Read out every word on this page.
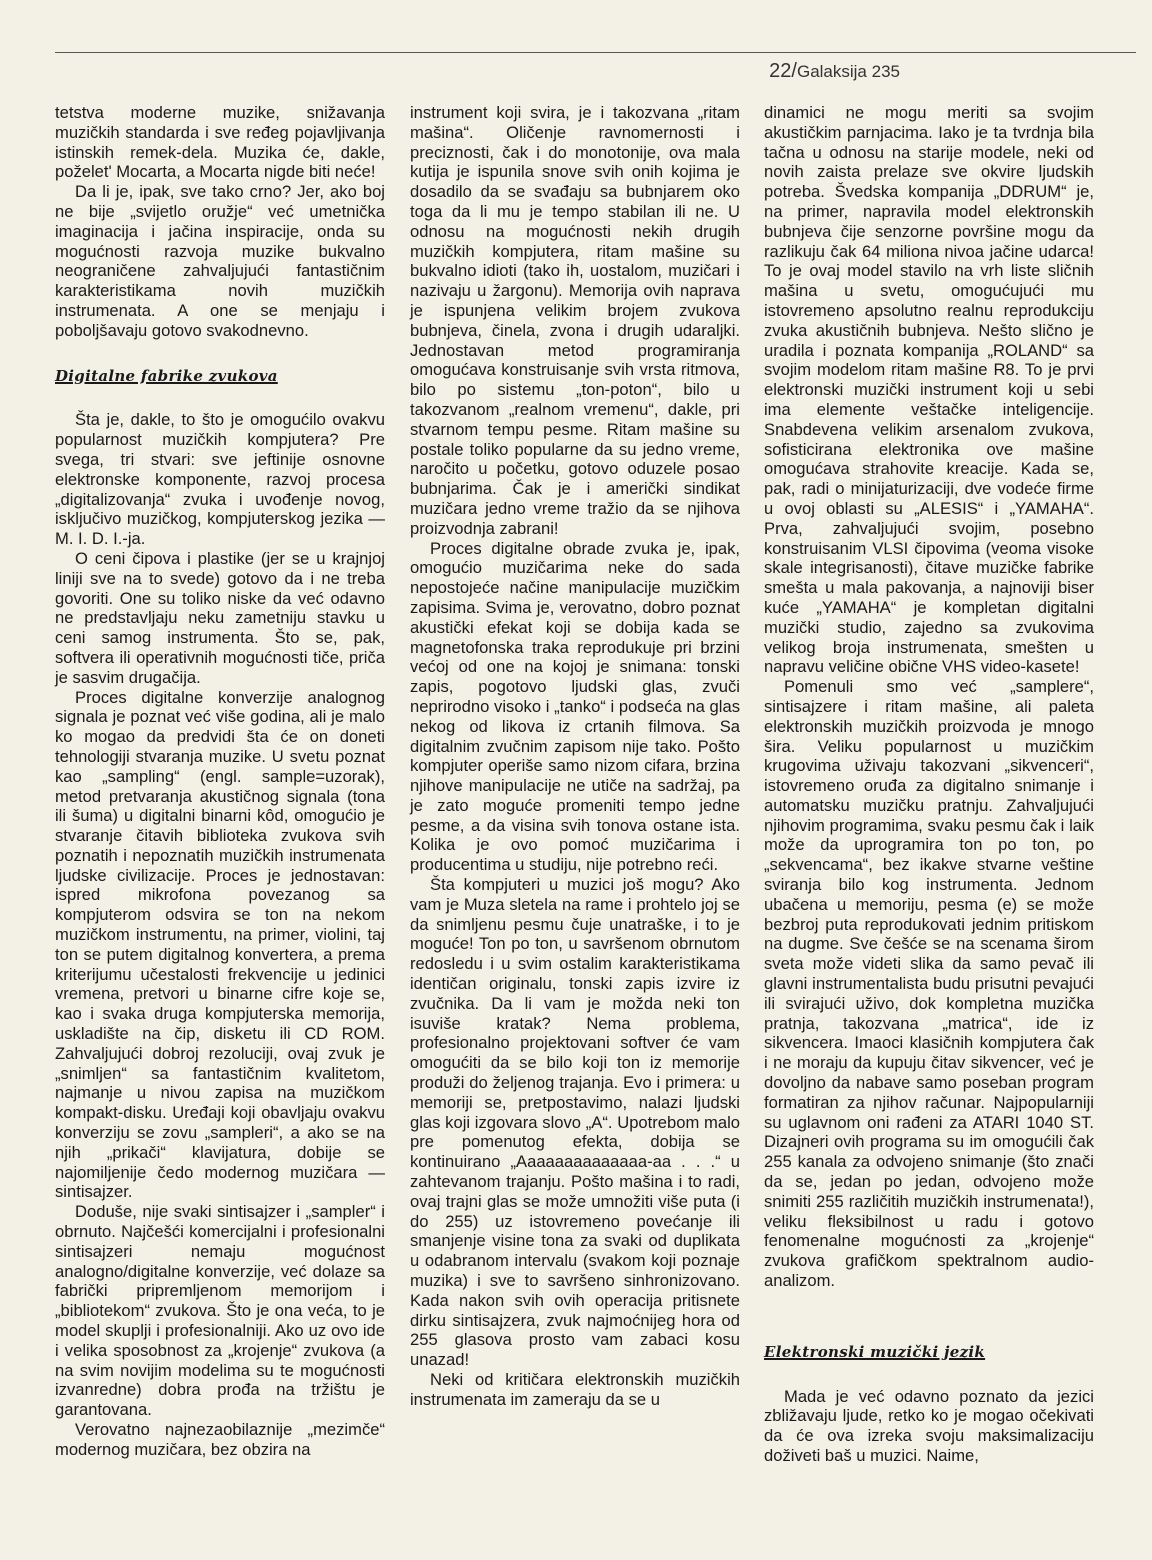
22/Galaksija 235

tetstva moderne muzike, snižavanja muzičkih standarda i sve ređeg pojavljivanja istinskih remek-dela. Muzika će, dakle, poželet' Mocarta, a Mocarta nigde biti neće!

Da li je, ipak, sve tako crno? Jer, ako boj ne bije „svijetlo oružje“ već umetnička imaginacija i jačina inspiracije, onda su mogućnosti razvoja muzike bukvalno neograničene zahvaljujući fantastičnim karakteristikama novih muzičkih instrumenata. A one se menjaju i poboljšavaju gotovo svakodnevno.

Digitalne fabrike zvukova

Šta je, dakle, to što je omogućilo ovakvu popularnost muzičkih kompjutera? Pre svega, tri stvari: sve jeftinije osnovne elektronske komponente, razvoj procesa „digitalizovanja“ zvuka i uvođenje novog, isključivo muzičkog, kompjuterskog jezika — M. I. D. I.-ja.

O ceni čipova i plastike (jer se u krajnjoj liniji sve na to svede) gotovo da i ne treba govoriti. One su toliko niske da već odavno ne predstavljaju neku zametniju stavku u ceni samog instrumenta. Što se, pak, softvera ili operativnih mogućnosti tiče, priča je sasvim drugačija.

Proces digitalne konverzije analognog signala je poznat već više godina, ali je malo ko mogao da predvidi šta će on doneti tehnologiji stvaranja muzike. U svetu poznat kao „sampling“ (engl. sample=uzorak), metod pretvaranja akustičnog signala (tona ili šuma) u digitalni binarni kôd, omogućio je stvaranje čitavih biblioteka zvukova svih poznatih i nepoznatih muzičkih instrumenata ljudske civilizacije. Proces je jednostavan: ispred mikrofona povezanog sa kompjuterom odsvira se ton na nekom muzičkom instrumentu, na primer, violini, taj ton se putem digitalnog konvertera, a prema kriterijumu učestalosti frekvencije u jedinici vremena, pretvori u binarne cifre koje se, kao i svaka druga kompjuterska memorija, uskladište na čip, disketu ili CD ROM. Zahvaljujući dobroj rezoluciji, ovaj zvuk je „snimljen“ sa fantastičnim kvalitetom, najmanje u nivou zapisa na muzičkom kompakt-disku. Uređaji koji obavljaju ovakvu konverziju se zovu „sampleri“, a ako se na njih „prikači“ klavijatura, dobije se najomiljenije čedo modernog muzičara — sintisajzer.

Doduše, nije svaki sintisajzer i „sampler“ i obrnuto. Najčešći komercijalni i profesionalni sintisajzeri nemaju mogućnost analogno/digitalne konverzije, već dolaze sa fabrički pripremljenom memorijom i „bibliotekom“ zvukova. Što je ona veća, to je model skuplji i profesionalniji. Ako uz ovo ide i velika sposobnost za „krojenje“ zvukova (a na svim novijim modelima su te mogućnosti izvanredne) dobra prođa na tržištu je garantovana.

Verovatno najnezaobilaznije „mezimče“ modernog muzičara, bez obzira na

instrument koji svira, je i takozvana „ritam mašina“. Oličenje ravnomernosti i preciznosti, čak i do monotonije, ova mala kutija je ispunila snove svih onih kojima je dosadilo da se svađaju sa bubnjarem oko toga da li mu je tempo stabilan ili ne. U odnosu na mogućnosti nekih drugih muzičkih kompjutera, ritam mašine su bukvalno idioti (tako ih, uostalom, muzičari i nazivaju u žargonu). Memorija ovih naprava je ispunjena velikim brojem zvukova bubnjeva, činela, zvona i drugih udaraljki. Jednostavan metod programiranja omogućava konstruisanje svih vrsta ritmova, bilo po sistemu „ton-poton“, bilo u takozvanom „realnom vremenu“, dakle, pri stvarnom tempu pesme. Ritam mašine su postale toliko popularne da su jedno vreme, naročito u početku, gotovo oduzele posao bubnjarima. Čak je i američki sindikat muzičara jedno vreme tražio da se njihova proizvodnja zabrani!

Proces digitalne obrade zvuka je, ipak, omogućio muzičarima neke do sada nepostojeće načine manipulacije muzičkim zapisima. Svima je, verovatno, dobro poznat akustički efekat koji se dobija kada se magnetofonska traka reprodukuje pri brzini većoj od one na kojoj je snimana: tonski zapis, pogotovo ljudski glas, zvuči neprirodno visoko i „tanko“ i podseća na glas nekog od likova iz crtanih filmova. Sa digitalnim zvučnim zapisom nije tako. Pošto kompjuter operiše samo nizom cifara, brzina njihove manipulacije ne utiče na sadržaj, pa je zato moguće promeniti tempo jedne pesme, a da visina svih tonova ostane ista. Kolika je ovo pomoć muzičarima i producentima u studiju, nije potrebno reći.

Šta kompjuteri u muzici još mogu? Ako vam je Muza sletela na rame i prohtelo joj se da snimljenu pesmu čuje unatraške, i to je moguće! Ton po ton, u savršenom obrnutom redosledu i u svim ostalim karakteristikama identičan originalu, tonski zapis izvire iz zvučnika. Da li vam je možda neki ton isuviše kratak? Nema problema, profesionalno projektovani softver će vam omogućiti da se bilo koji ton iz memorije produži do željenog trajanja. Evo i primera: u memoriji se, pretpostavimo, nalazi ljudski glas koji izgovara slovo „A“. Upotrebom malo pre pomenutog efekta, dobija se kontinuirano „Aaaaaaaaaaaaaa-aa . . .“ u zahtevanom trajanju. Pošto mašina i to radi, ovaj trajni glas se može umnožiti više puta (i do 255) uz istovremeno povećanje ili smanjenje visine tona za svaki od duplikata u odabranom intervalu (svakom koji poznaje muzika) i sve to savršeno sinhronizovano. Kada nakon svih ovih operacija pritisnete dirku sintisajzera, zvuk najmoćnijeg hora od 255 glasova prosto vam zabaci kosu unazad!

Neki od kritičara elektronskih muzičkih instrumenata im zameraju da se u

dinamici ne mogu meriti sa svojim akustičkim parnjacima. Iako je ta tvrdnja bila tačna u odnosu na starije modele, neki od novih zaista prelaze sve okvire ljudskih potreba. Švedska kompanija „DDRUM“ je, na primer, napravila model elektronskih bubnjeva čije senzorne površine mogu da razlikuju čak 64 miliona nivoa jačine udarca! To je ovaj model stavilo na vrh liste sličnih mašina u svetu, omogućujući mu istovremeno apsolutno realnu reprodukciju zvuka akustičnih bubnjeva. Nešto slično je uradila i poznata kompanija „ROLAND“ sa svojim modelom ritam mašine R8. To je prvi elektronski muzički instrument koji u sebi ima elemente veštačke inteligencije. Snabdevena velikim arsenalom zvukova, sofisticirana elektronika ove mašine omogućava strahovite kreacije. Kada se, pak, radi o minijaturizaciji, dve vodeće firme u ovoj oblasti su „ALESIS“ i „YAMAHA“. Prva, zahvaljujući svojim, posebno konstruisanim VLSI čipovima (veoma visoke skale integrisanosti), čitave muzičke fabrike smešta u mala pakovanja, a najnoviji biser kuće „YAMAHA“ je kompletan digitalni muzički studio, zajedno sa zvukovima velikog broja instrumenata, smešten u napravu veličine obične VHS video-kasete!

Pomenuli smo već „samplere“, sintisajzere i ritam mašine, ali paleta elektronskih muzičkih proizvoda je mnogo šira. Veliku popularnost u muzičkim krugovima uživaju takozvani „sikvenceri“, istovremeno oruđa za digitalno snimanje i automatsku muzičku pratnju. Zahvaljujući njihovim programima, svaku pesmu čak i laik može da uprogramira ton po ton, po „sekvencama“, bez ikakve stvarne veštine sviranja bilo kog instrumenta. Jednom ubačena u memoriju, pesma (e) se može bezbroj puta reprodukovati jednim pritiskom na dugme. Sve češće se na scenama širom sveta može videti slika da samo pevač ili glavni instrumentalista budu prisutni pevajući ili svirajući uživo, dok kompletna muzička pratnja, takozvana „matrica“, ide iz sikvencera. Imaoci klasičnih kompjutera čak i ne moraju da kupuju čitav sikvencer, već je dovoljno da nabave samo poseban program formatiran za njihov računar. Najpopularniji su uglavnom oni rađeni za ATARI 1040 ST. Dizajneri ovih programa su im omogućili čak 255 kanala za odvojeno snimanje (što znači da se, jedan po jedan, odvojeno može snimiti 255 različitih muzičkih instrumenata!), veliku fleksibilnost u radu i gotovo fenomenalne mogućnosti za „krojenje“ zvukova grafičkom spektralnom audio-analizom.

Elektronski muzički jezik

Mada je već odavno poznato da jezici zbližavaju ljude, retko ko je mogao očekivati da će ova izreka svoju maksimalizaciju doživeti baš u muzici. Naime,
